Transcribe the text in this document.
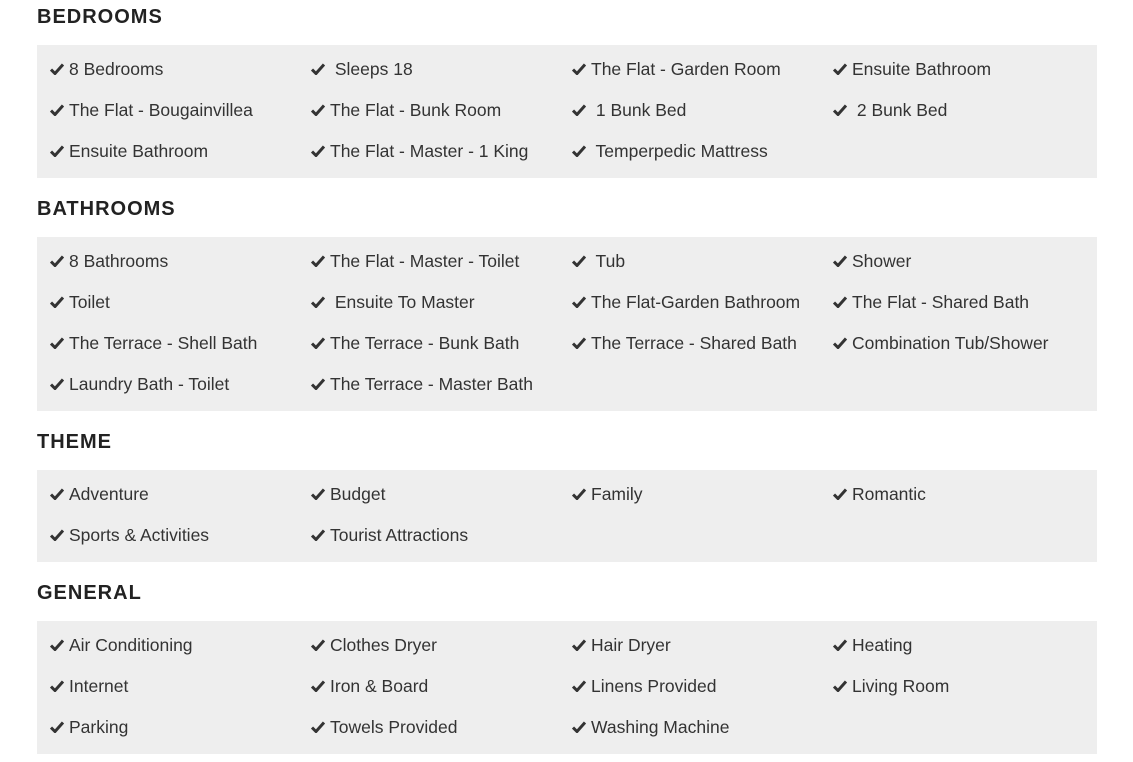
BEDROOMS
8 Bedrooms	Sleeps 18	The Flat - Garden Room	Ensuite Bathroom
The Flat - Bougainvillea	The Flat - Bunk Room	1 Bunk Bed	2 Bunk Bed
Ensuite Bathroom	The Flat - Master - 1 King	Temperpedic Mattress
BATHROOMS
8 Bathrooms	The Flat - Master - Toilet	Tub	Shower
Toilet	Ensuite To Master	The Flat-Garden Bathroom	The Flat - Shared Bath
The Terrace - Shell Bath	The Terrace - Bunk Bath	The Terrace - Shared Bath	Combination Tub/Shower
Laundry Bath - Toilet	The Terrace - Master Bath
THEME
Adventure	Budget	Family	Romantic
Sports & Activities	Tourist Attractions
GENERAL
Air Conditioning	Clothes Dryer	Hair Dryer	Heating
Internet	Iron & Board	Linens Provided	Living Room
Parking	Towels Provided	Washing Machine
